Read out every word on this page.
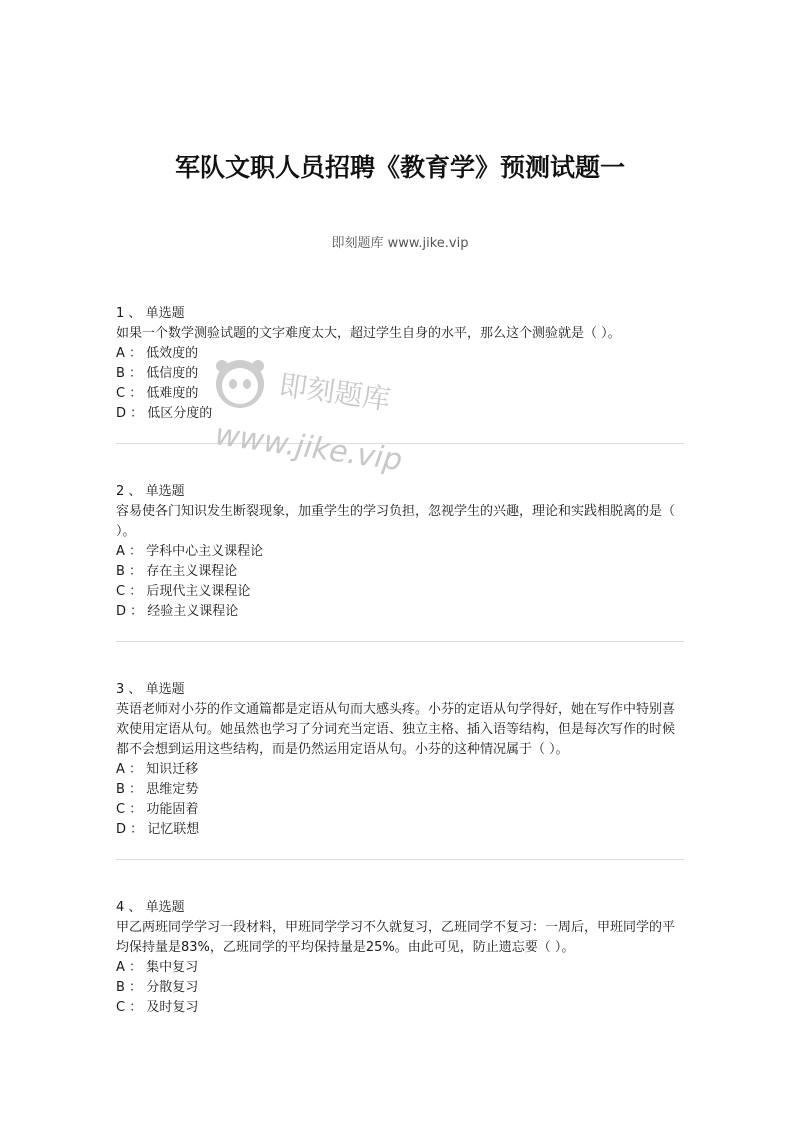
军队文职人员招聘《教育学》预测试题一
即刻题库 www.jike.vip

1 、 单选题

如果一个数学测验试题的文字难度太大，超过学生自身的水平，那么这个测验就是（ ）。

A ： 低效度的

B ： 低信度的

C ： 低难度的

D ： 低区分度的

2 、 单选题

容易使各门知识发生断裂现象，加重学生的学习负担，忽视学生的兴趣，理论和实践相脱离的是（ ）。

A ： 学科中心主义课程论

B ： 存在主义课程论

C ： 后现代主义课程论

D ： 经验主义课程论

3 、 单选题

英语老师对小芬的作文通篇都是定语从句而大感头疼。小芬的定语从句学得好，她在写作中特别喜欢使用定语从句。她虽然也学习了分词充当定语、独立主格、插入语等结构，但是每次写作的时候都不会想到运用这些结构，而是仍然运用定语从句。小芬的这种情况属于（ ）。

A ： 知识迁移

B ： 思维定势

C ： 功能固着

D ： 记忆联想

4 、 单选题

甲乙两班同学学习一段材料，甲班同学学习不久就复习，乙班同学不复习：一周后，甲班同学的平均保持量是83%，乙班同学的平均保持量是25%。由此可见，防止遗忘要（ ）。

A ： 集中复习

B ： 分散复习

C ： 及时复习

即刻题库
www.jike.vip
